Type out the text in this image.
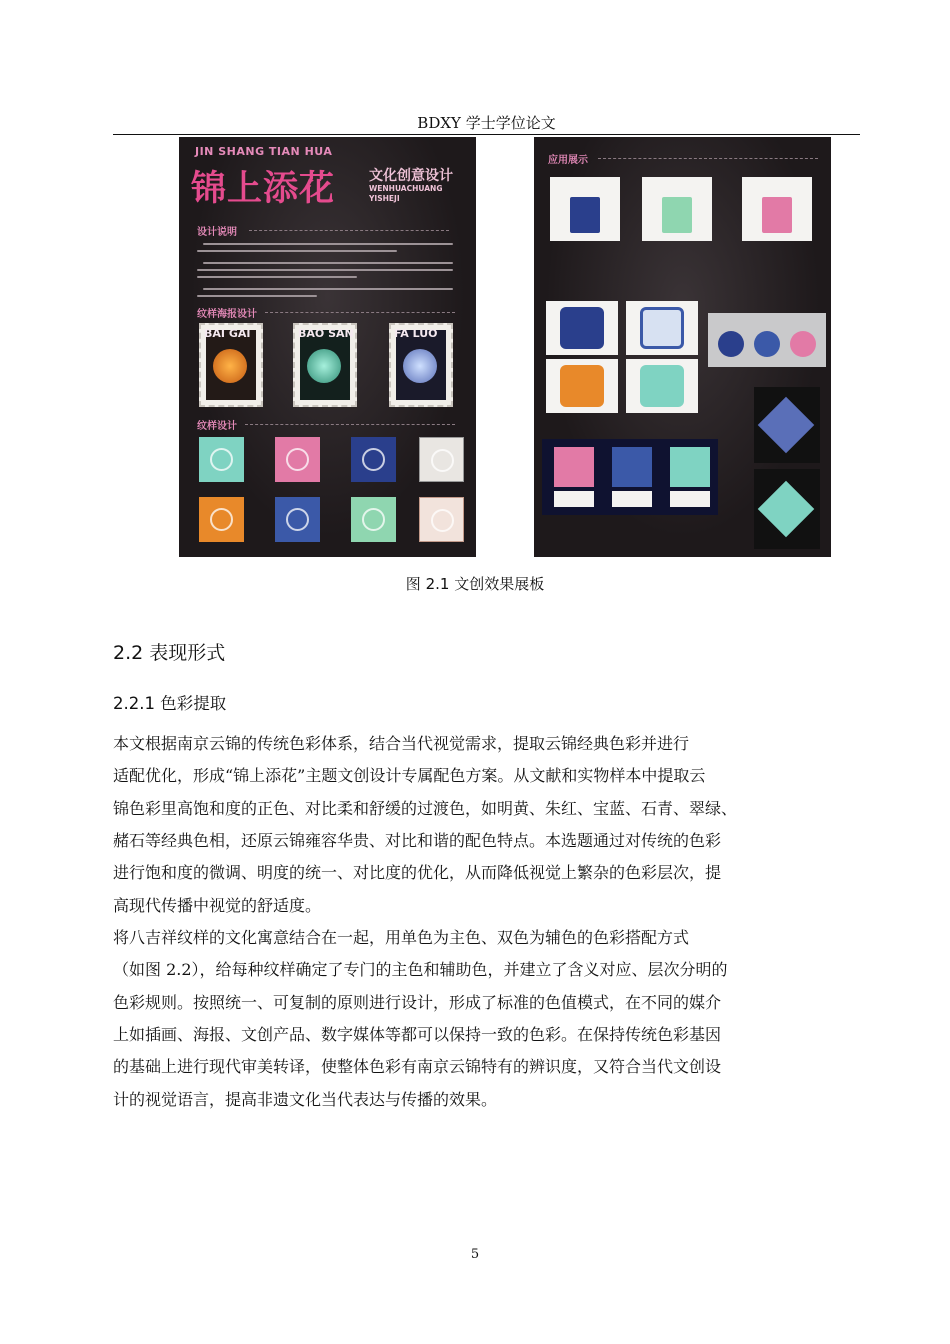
BDXY 学士学位论文
JIN SHANG TIAN HUA
锦上添花 文化创意设计
WENHUACHUANG
YISHEJI
设计说明
纹样海报设计
BAI GAI	BAO SAN	FA LUO
纹样设计
应用展示
图 2.1 文创效果展板
2.2 表现形式
2.2.1 色彩提取
本文根据南京云锦的传统色彩体系，结合当代视觉需求，提取云锦经典色彩并进行
适配优化，形成“锦上添花”主题文创设计专属配色方案。从文献和实物样本中提取云
锦色彩里高饱和度的正色、对比柔和舒缓的过渡色，如明黄、朱红、宝蓝、石青、翠绿、
赭石等经典色相，还原云锦雍容华贵、对比和谐的配色特点。本选题通过对传统的色彩
进行饱和度的微调、明度的统一、对比度的优化，从而降低视觉上繁杂的色彩层次，提
高现代传播中视觉的舒适度。
将八吉祥纹样的文化寓意结合在一起，用单色为主色、双色为辅色的色彩搭配方式
（如图 2.2），给每种纹样确定了专门的主色和辅助色，并建立了含义对应、层次分明的
色彩规则。按照统一、可复制的原则进行设计，形成了标准的色值模式，在不同的媒介
上如插画、海报、文创产品、数字媒体等都可以保持一致的色彩。在保持传统色彩基因
的基础上进行现代审美转译，使整体色彩有南京云锦特有的辨识度，又符合当代文创设
计的视觉语言，提高非遗文化当代表达与传播的效果。
5
